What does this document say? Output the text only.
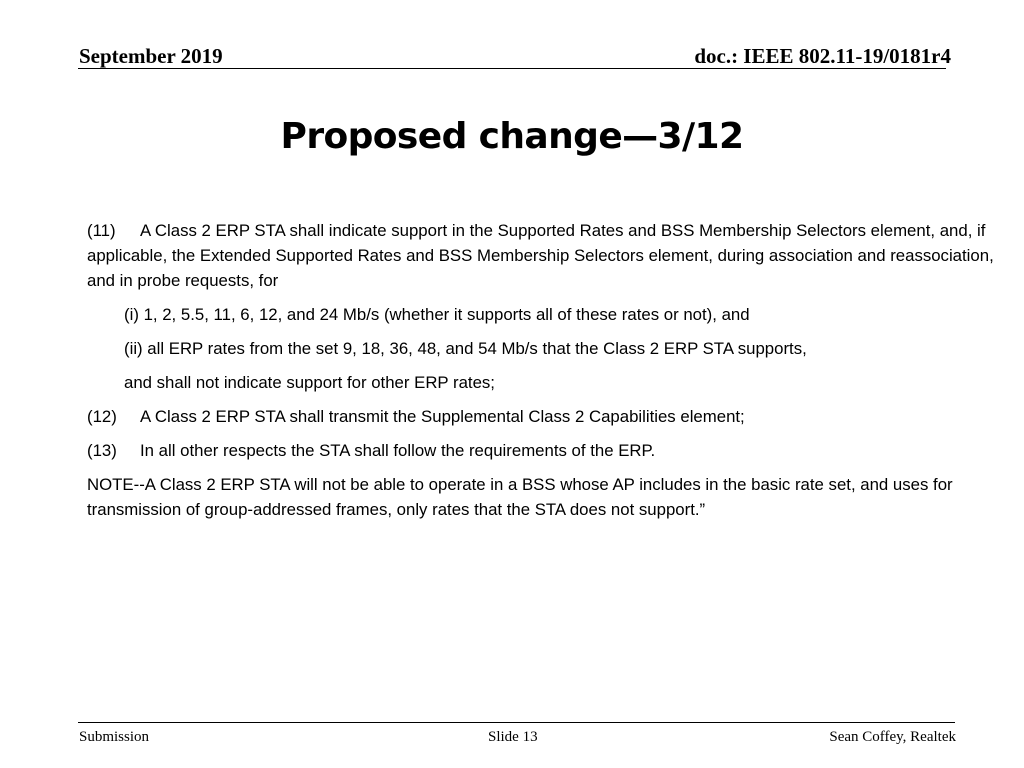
September 2019	doc.: IEEE 802.11-19/0181r4
Proposed change—3/12

(11) A Class 2 ERP STA shall indicate support in the Supported Rates and BSS Membership Selectors element, and, if applicable, the Extended Supported Rates and BSS Membership Selectors element, during association and reassociation, and in probe requests, for

(i) 1, 2, 5.5, 11, 6, 12, and 24 Mb/s (whether it supports all of these rates or not), and

(ii) all ERP rates from the set 9, 18, 36, 48, and 54 Mb/s that the Class 2 ERP STA supports,

and shall not indicate support for other ERP rates;

(12) A Class 2 ERP STA shall transmit the Supplemental Class 2 Capabilities element;

(13) In all other respects the STA shall follow the requirements of the ERP.

NOTE--A Class 2 ERP STA will not be able to operate in a BSS whose AP includes in the basic rate set, and uses for transmission of group-addressed frames, only rates that the STA does not support.”

Submission	Slide 13	Sean Coffey, Realtek
